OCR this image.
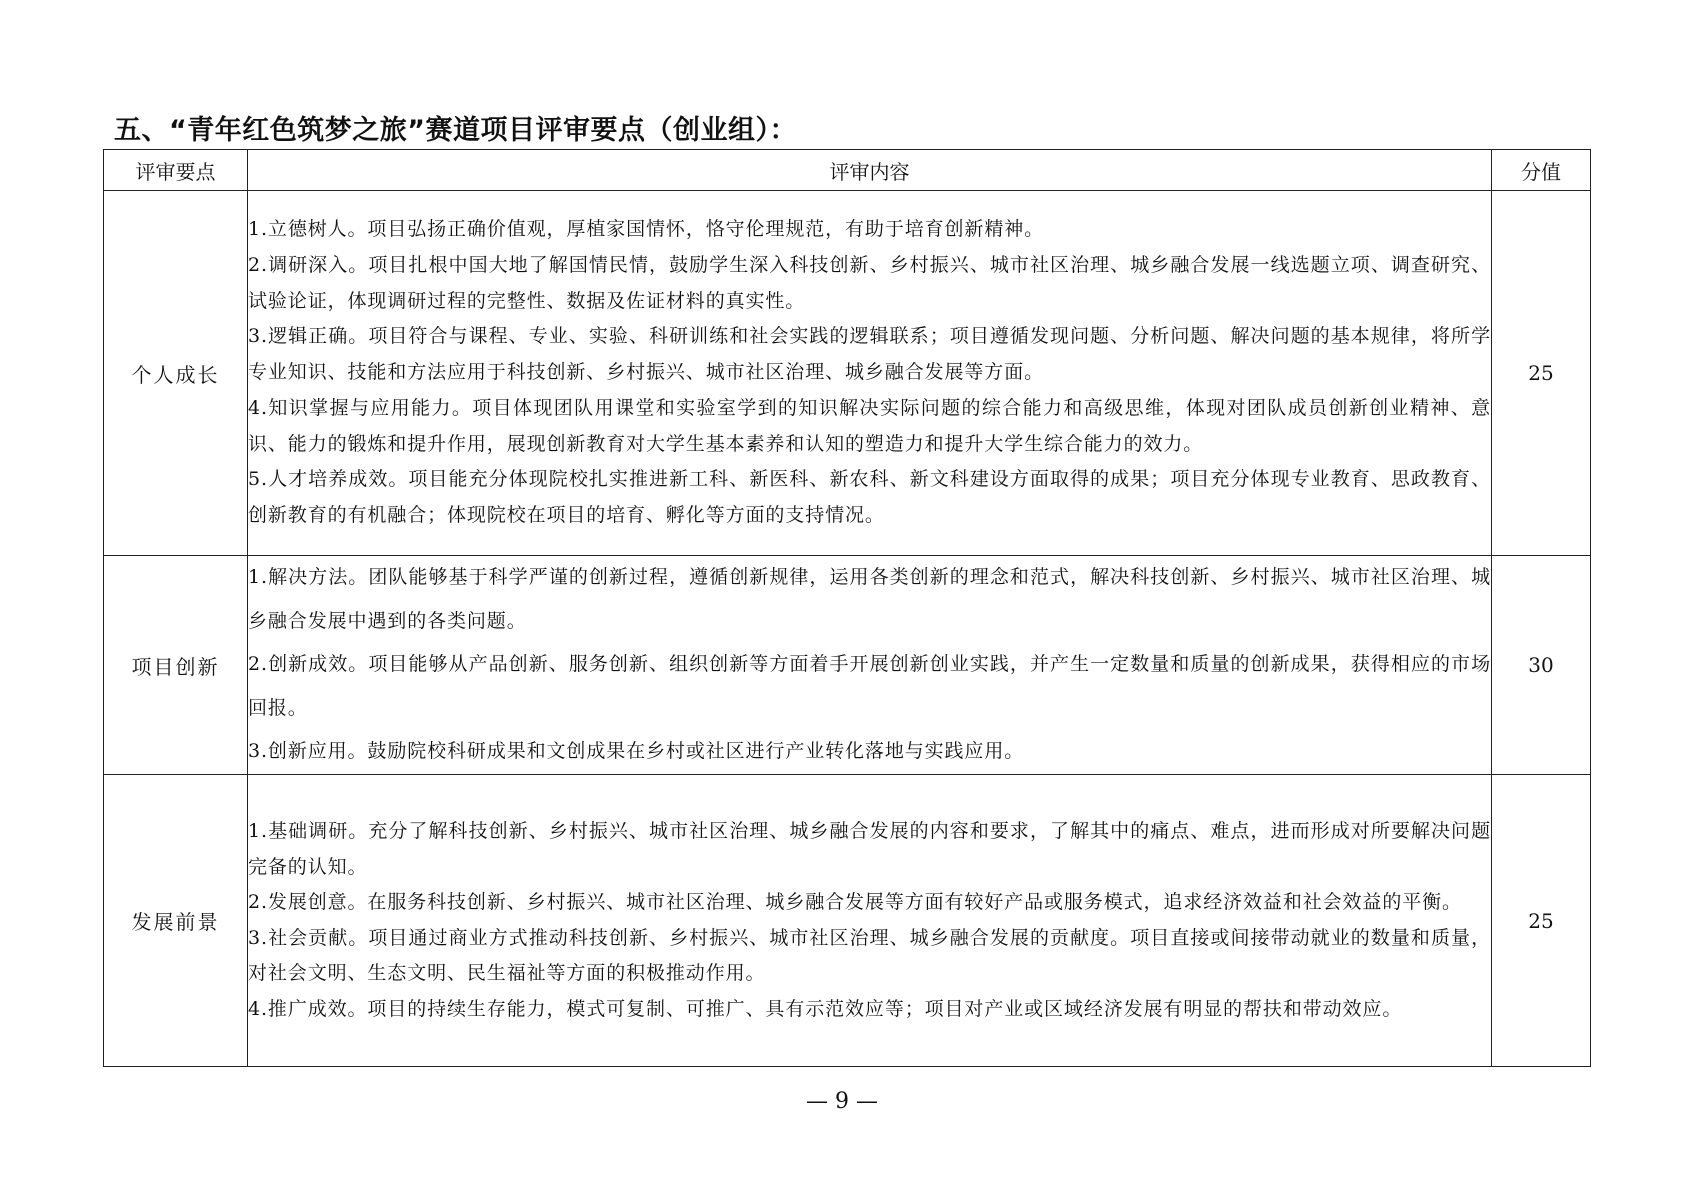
五、“青年红色筑梦之旅”赛道项目评审要点（创业组）：
评审要点	评审内容	分值
个人成长	1.立德树人。项目弘扬正确价值观，厚植家国情怀，恪守伦理规范，有助于培育创新精神。
2.调研深入。项目扎根中国大地了解国情民情，鼓励学生深入科技创新、乡村振兴、城市社区治理、城乡融合发展一线选题立项、调查研究、试验论证，体现调研过程的完整性、数据及佐证材料的真实性。
3.逻辑正确。项目符合与课程、专业、实验、科研训练和社会实践的逻辑联系；项目遵循发现问题、分析问题、解决问题的基本规律，将所学专业知识、技能和方法应用于科技创新、乡村振兴、城市社区治理、城乡融合发展等方面。
4.知识掌握与应用能力。项目体现团队用课堂和实验室学到的知识解决实际问题的综合能力和高级思维，体现对团队成员创新创业精神、意识、能力的锻炼和提升作用，展现创新教育对大学生基本素养和认知的塑造力和提升大学生综合能力的效力。
5.人才培养成效。项目能充分体现院校扎实推进新工科、新医科、新农科、新文科建设方面取得的成果；项目充分体现专业教育、思政教育、创新教育的有机融合；体现院校在项目的培育、孵化等方面的支持情况。	25
项目创新	1.解决方法。团队能够基于科学严谨的创新过程，遵循创新规律，运用各类创新的理念和范式，解决科技创新、乡村振兴、城市社区治理、城乡融合发展中遇到的各类问题。
2.创新成效。项目能够从产品创新、服务创新、组织创新等方面着手开展创新创业实践，并产生一定数量和质量的创新成果，获得相应的市场回报。
3.创新应用。鼓励院校科研成果和文创成果在乡村或社区进行产业转化落地与实践应用。	30
发展前景	1.基础调研。充分了解科技创新、乡村振兴、城市社区治理、城乡融合发展的内容和要求，了解其中的痛点、难点，进而形成对所要解决问题完备的认知。
2.发展创意。在服务科技创新、乡村振兴、城市社区治理、城乡融合发展等方面有较好产品或服务模式，追求经济效益和社会效益的平衡。
3.社会贡献。项目通过商业方式推动科技创新、乡村振兴、城市社区治理、城乡融合发展的贡献度。项目直接或间接带动就业的数量和质量，对社会文明、生态文明、民生福祉等方面的积极推动作用。
4.推广成效。项目的持续生存能力，模式可复制、可推广、具有示范效应等；项目对产业或区域经济发展有明显的帮扶和带动效应。	25
— 9 —
